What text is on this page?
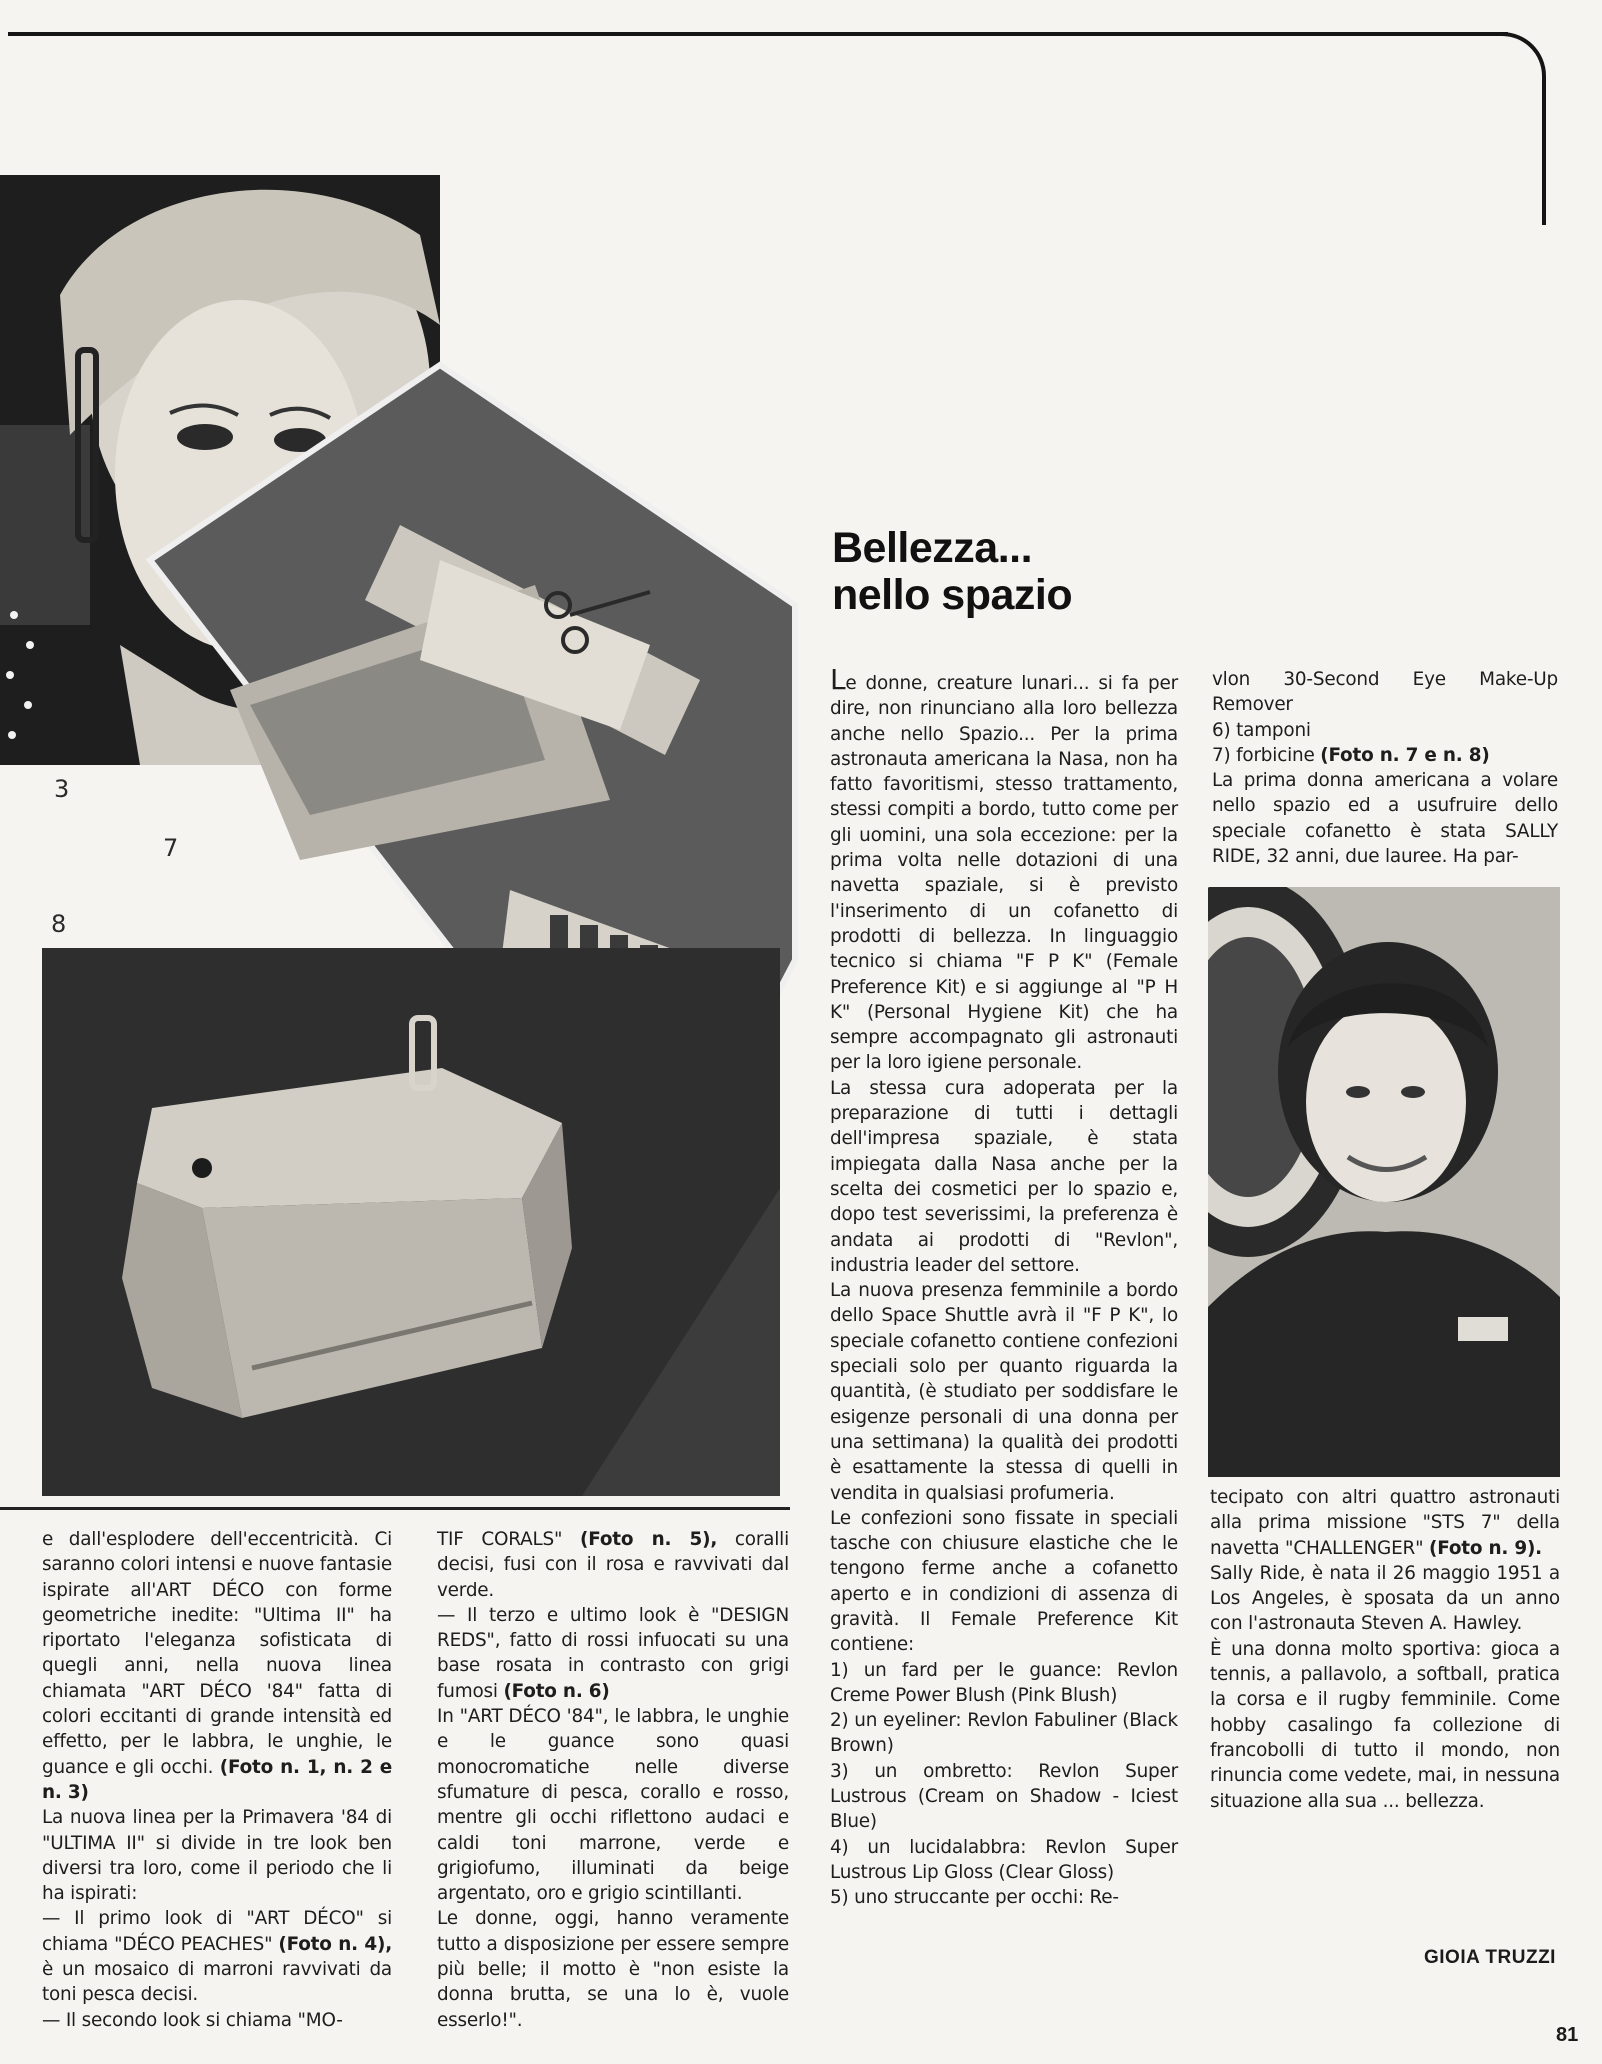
3
7
8
Bellezza...
nello spazio

Le donne, creature lunari... si fa per dire, non rinunciano alla loro bellezza anche nello Spazio... Per la prima astronauta americana la Nasa, non ha fatto favoritismi, stesso trattamento, stessi compiti a bordo, tutto come per gli uomini, una sola eccezione: per la prima volta nelle dotazioni di una navetta spaziale, si è previsto l'inserimento di un cofanetto di prodotti di bellezza. In linguaggio tecnico si chiama "F P K" (Female Preference Kit) e si aggiunge al "P H K" (Personal Hygiene Kit) che ha sempre accompagnato gli astronauti per la loro igiene personale.

La stessa cura adoperata per la preparazione di tutti i dettagli dell'impresa spaziale, è stata impiegata dalla Nasa anche per la scelta dei cosmetici per lo spazio e, dopo test severissimi, la preferenza è andata ai prodotti di "Revlon", industria leader del settore.

La nuova presenza femminile a bordo dello Space Shuttle avrà il "F P K", lo speciale cofanetto contiene confezioni speciali solo per quanto riguarda la quantità, (è studiato per soddisfare le esigenze personali di una donna per una settimana) la qualità dei prodotti è esattamente la stessa di quelli in vendita in qualsiasi profumeria.

Le confezioni sono fissate in speciali tasche con chiusure elastiche che le tengono ferme anche a cofanetto aperto e in condizioni di assenza di gravità. Il Female Preference Kit contiene:

1) un fard per le guance: Revlon Creme Power Blush (Pink Blush)

2) un eyeliner: Revlon Fabuliner (Black Brown)

3) un ombretto: Revlon Super Lustrous (Cream on Shadow - Iciest Blue)

4) un lucidalabbra: Revlon Super Lustrous Lip Gloss (Clear Gloss)

5) uno struccante per occhi: Re-

vlon 30-Second Eye Make-Up Remover

6) tamponi

7) forbicine (Foto n. 7 e n. 8)

La prima donna americana a volare nello spazio ed a usufruire dello speciale cofanetto è stata SALLY RIDE, 32 anni, due lauree. Ha par-

tecipato con altri quattro astronauti alla prima missione "STS 7" della navetta "CHALLENGER" (Foto n. 9).

Sally Ride, è nata il 26 maggio 1951 a Los Angeles, è sposata da un anno con l'astronauta Steven A. Hawley.

È una donna molto sportiva: gioca a tennis, a pallavolo, a softball, pratica la corsa e il rugby femminile. Come hobby casalingo fa collezione di francobolli di tutto il mondo, non rinuncia come vedete, mai, in nessuna situazione alla sua ... bellezza.

e dall'esplodere dell'eccentricità. Ci saranno colori intensi e nuove fantasie ispirate all'ART DÉCO con forme geometriche inedite: "Ultima II" ha riportato l'eleganza sofisticata di quegli anni, nella nuova linea chiamata "ART DÉCO '84" fatta di colori eccitanti di grande intensità ed effetto, per le labbra, le unghie, le guance e gli occhi. (Foto n. 1, n. 2 e n. 3)

La nuova linea per la Primavera '84 di "ULTIMA II" si divide in tre look ben diversi tra loro, come il periodo che li ha ispirati:

— Il primo look di "ART DÉCO" si chiama "DÉCO PEACHES" (Foto n. 4), è un mosaico di marroni ravvivati da toni pesca decisi.

— Il secondo look si chiama "MO-

TIF CORALS" (Foto n. 5), coralli decisi, fusi con il rosa e ravvivati dal verde.

— Il terzo e ultimo look è "DESIGN REDS", fatto di rossi infuocati su una base rosata in contrasto con grigi fumosi (Foto n. 6)

In "ART DÉCO '84", le labbra, le unghie e le guance sono quasi monocromatiche nelle diverse sfumature di pesca, corallo e rosso, mentre gli occhi riflettono audaci e caldi toni marrone, verde e grigiofumo, illuminati da beige argentato, oro e grigio scintillanti.

Le donne, oggi, hanno veramente tutto a disposizione per essere sempre più belle; il motto è "non esiste la donna brutta, se una lo è, vuole esserlo!".

GIOIA TRUZZI
81
